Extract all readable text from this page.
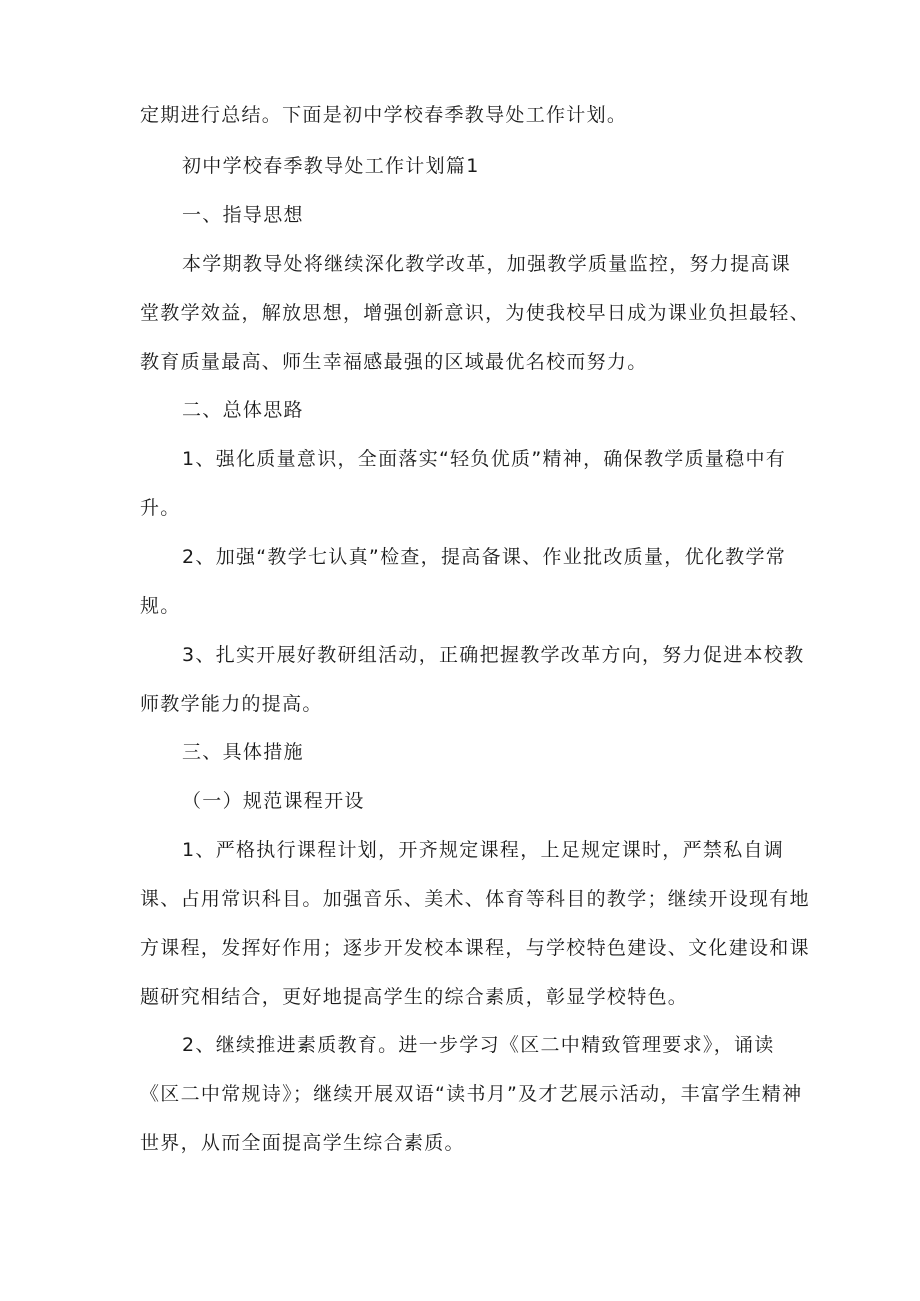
定期进行总结。下面是初中学校春季教导处工作计划。

初中学校春季教导处工作计划篇1

一、指导思想

本学期教导处将继续深化教学改革，加强教学质量监控，努力提高课堂教学效益，解放思想，增强创新意识，为使我校早日成为课业负担最轻、教育质量最高、师生幸福感最强的区域最优名校而努力。

二、总体思路

1、强化质量意识，全面落实“轻负优质”精神，确保教学质量稳中有升。

2、加强“教学七认真”检查，提高备课、作业批改质量，优化教学常规。

3、扎实开展好教研组活动，正确把握教学改革方向，努力促进本校教师教学能力的提高。

三、具体措施

（一）规范课程开设

1、严格执行课程计划，开齐规定课程，上足规定课时，严禁私自调课、占用常识科目。加强音乐、美术、体育等科目的教学；继续开设现有地方课程，发挥好作用；逐步开发校本课程，与学校特色建设、文化建设和课题研究相结合，更好地提高学生的综合素质，彰显学校特色。

2、继续推进素质教育。进一步学习《区二中精致管理要求》，诵读《区二中常规诗》；继续开展双语“读书月”及才艺展示活动，丰富学生精神世界，从而全面提高学生综合素质。
